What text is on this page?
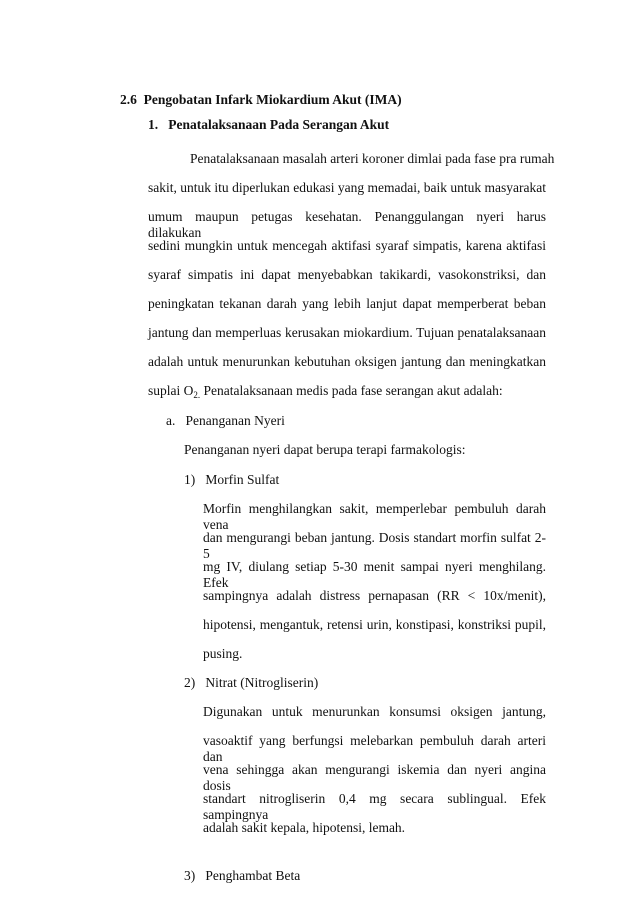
2.6 Pengobatan Infark Miokardium Akut (IMA)
1. Penatalaksanaan Pada Serangan Akut
Penatalaksanaan masalah arteri koroner dimlai pada fase pra rumah
sakit, untuk itu diperlukan edukasi yang memadai, baik untuk masyarakat
umum maupun petugas kesehatan. Penanggulangan nyeri harus dilakukan
sedini mungkin untuk mencegah aktifasi syaraf simpatis, karena aktifasi
syaraf simpatis ini dapat menyebabkan takikardi, vasokonstriksi, dan
peningkatan tekanan darah yang lebih lanjut dapat memperberat beban
jantung dan memperluas kerusakan miokardium. Tujuan penatalaksanaan
adalah untuk menurunkan kebutuhan oksigen jantung dan meningkatkan
suplai $O_{2.}$ Penatalaksanaan medis pada fase serangan akut adalah:
a. Penanganan Nyeri
Penanganan nyeri dapat berupa terapi farmakologis:
1) Morfin Sulfat
Morfin menghilangkan sakit, memperlebar pembuluh darah vena
dan mengurangi beban jantung. Dosis standart morfin sulfat 2-5
mg IV, diulang setiap 5-30 menit sampai nyeri menghilang. Efek
sampingnya adalah distress pernapasan (RR < 10x/menit),
hipotensi, mengantuk, retensi urin, konstipasi, konstriksi pupil,
pusing.
2) Nitrat (Nitrogliserin)
Digunakan untuk menurunkan konsumsi oksigen jantung,
vasoaktif yang berfungsi melebarkan pembuluh darah arteri dan
vena sehingga akan mengurangi iskemia dan nyeri angina dosis
standart nitrogliserin 0,4 mg secara sublingual. Efek sampingnya
adalah sakit kepala, hipotensi, lemah.
3) Penghambat Beta
